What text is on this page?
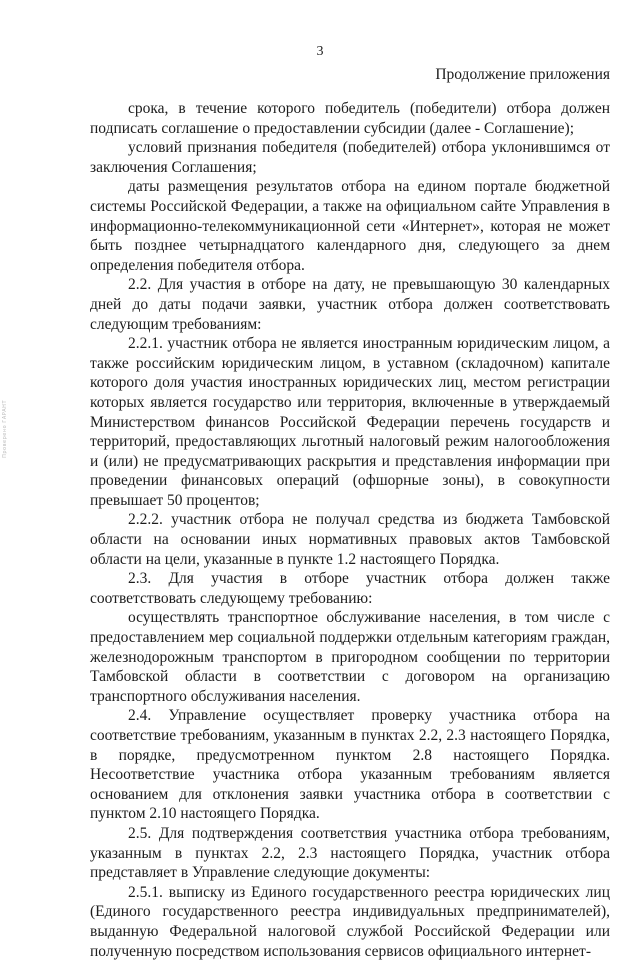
3
Продолжение приложения
Проверено ГАРАНТ

срока, в течение которого победитель (победители) отбора должен подписать соглашение о предоставлении субсидии (далее - Соглашение);

условий признания победителя (победителей) отбора уклонившимся от заключения Соглашения;

даты размещения результатов отбора на едином портале бюджетной системы Российской Федерации, а также на официальном сайте Управления в информационно-телекоммуникационной сети «Интернет», которая не может быть позднее четырнадцатого календарного дня, следующего за днем определения победителя отбора.

2.2. Для участия в отборе на дату, не превышающую 30 календарных дней до даты подачи заявки, участник отбора должен соответствовать следующим требованиям:

2.2.1. участник отбора не является иностранным юридическим лицом, а также российским юридическим лицом, в уставном (складочном) капитале которого доля участия иностранных юридических лиц, местом регистрации которых является государство или территория, включенные в утверждаемый Министерством финансов Российской Федерации перечень государств и территорий, предоставляющих льготный налоговый режим налогообложения и (или) не предусматривающих раскрытия и представления информации при проведении финансовых операций (офшорные зоны), в совокупности превышает 50 процентов;

2.2.2. участник отбора не получал средства из бюджета Тамбовской области на основании иных нормативных правовых актов Тамбовской области на цели, указанные в пункте 1.2 настоящего Порядка.

2.3. Для участия в отборе участник отбора должен также соответствовать следующему требованию:

осуществлять транспортное обслуживание населения, в том числе с предоставлением мер социальной поддержки отдельным категориям граждан, железнодорожным транспортом в пригородном сообщении по территории Тамбовской области в соответствии с договором на организацию транспортного обслуживания населения.

2.4. Управление осуществляет проверку участника отбора на соответствие требованиям, указанным в пунктах 2.2, 2.3 настоящего Порядка, в порядке, предусмотренном пунктом 2.8 настоящего Порядка. Несоответствие участника отбора указанным требованиям является основанием для отклонения заявки участника отбора в соответствии с пунктом 2.10 настоящего Порядка.

2.5. Для подтверждения соответствия участника отбора требованиям, указанным в пунктах 2.2, 2.3 настоящего Порядка, участник отбора представляет в Управление следующие документы:

2.5.1. выписку из Единого государственного реестра юридических лиц (Единого государственного реестра индивидуальных предпринимателей), выданную Федеральной налоговой службой Российской Федерации или полученную посредством использования сервисов официального интернет-
